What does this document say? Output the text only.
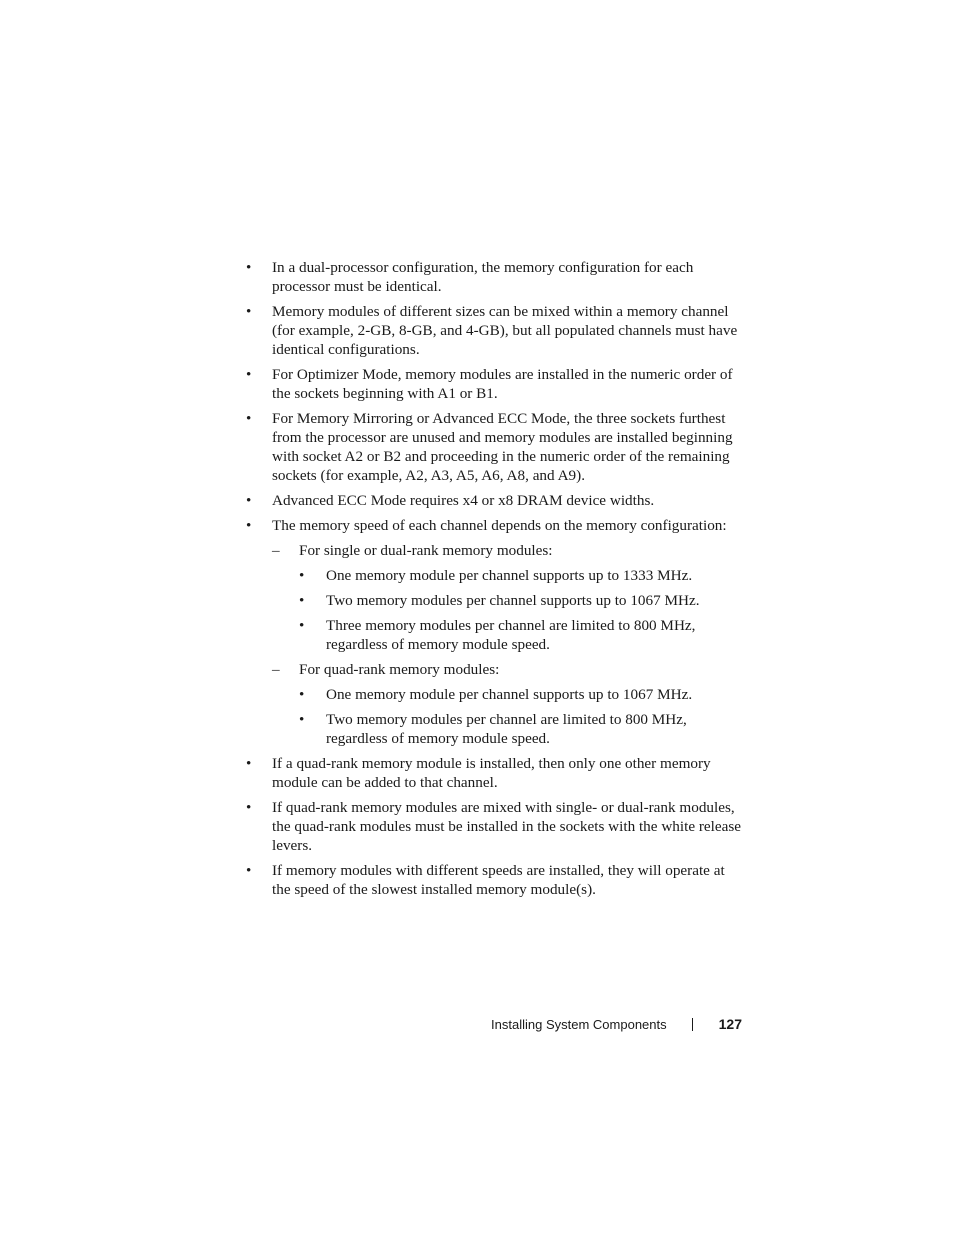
•	In a dual-processor configuration, the memory configuration for each processor must be identical.
•	Memory modules of different sizes can be mixed within a memory channel (for example, 2-GB, 8-GB, and 4-GB), but all populated channels must have identical configurations.
•	For Optimizer Mode, memory modules are installed in the numeric order of the sockets beginning with A1 or B1.
•	For Memory Mirroring or Advanced ECC Mode, the three sockets furthest from the processor are unused and memory modules are installed beginning with socket A2 or B2 and proceeding in the numeric order of the remaining sockets (for example, A2, A3, A5, A6, A8, and A9).
•	Advanced ECC Mode requires x4 or x8 DRAM device widths.
•	The memory speed of each channel depends on the memory configuration:
– For single or dual-rank memory modules:
• One memory module per channel supports up to 1333 MHz.
• Two memory modules per channel supports up to 1067 MHz.
• Three memory modules per channel are limited to 800 MHz, regardless of memory module speed.
– For quad-rank memory modules:
• One memory module per channel supports up to 1067 MHz.
• Two memory modules per channel are limited to 800 MHz, regardless of memory module speed.
•	If a quad-rank memory module is installed, then only one other memory module can be added to that channel.
•	If quad-rank memory modules are mixed with single- or dual-rank modules, the quad-rank modules must be installed in the sockets with the white release levers.
•	If memory modules with different speeds are installed, they will operate at the speed of the slowest installed memory module(s).
Installing System Components	127
